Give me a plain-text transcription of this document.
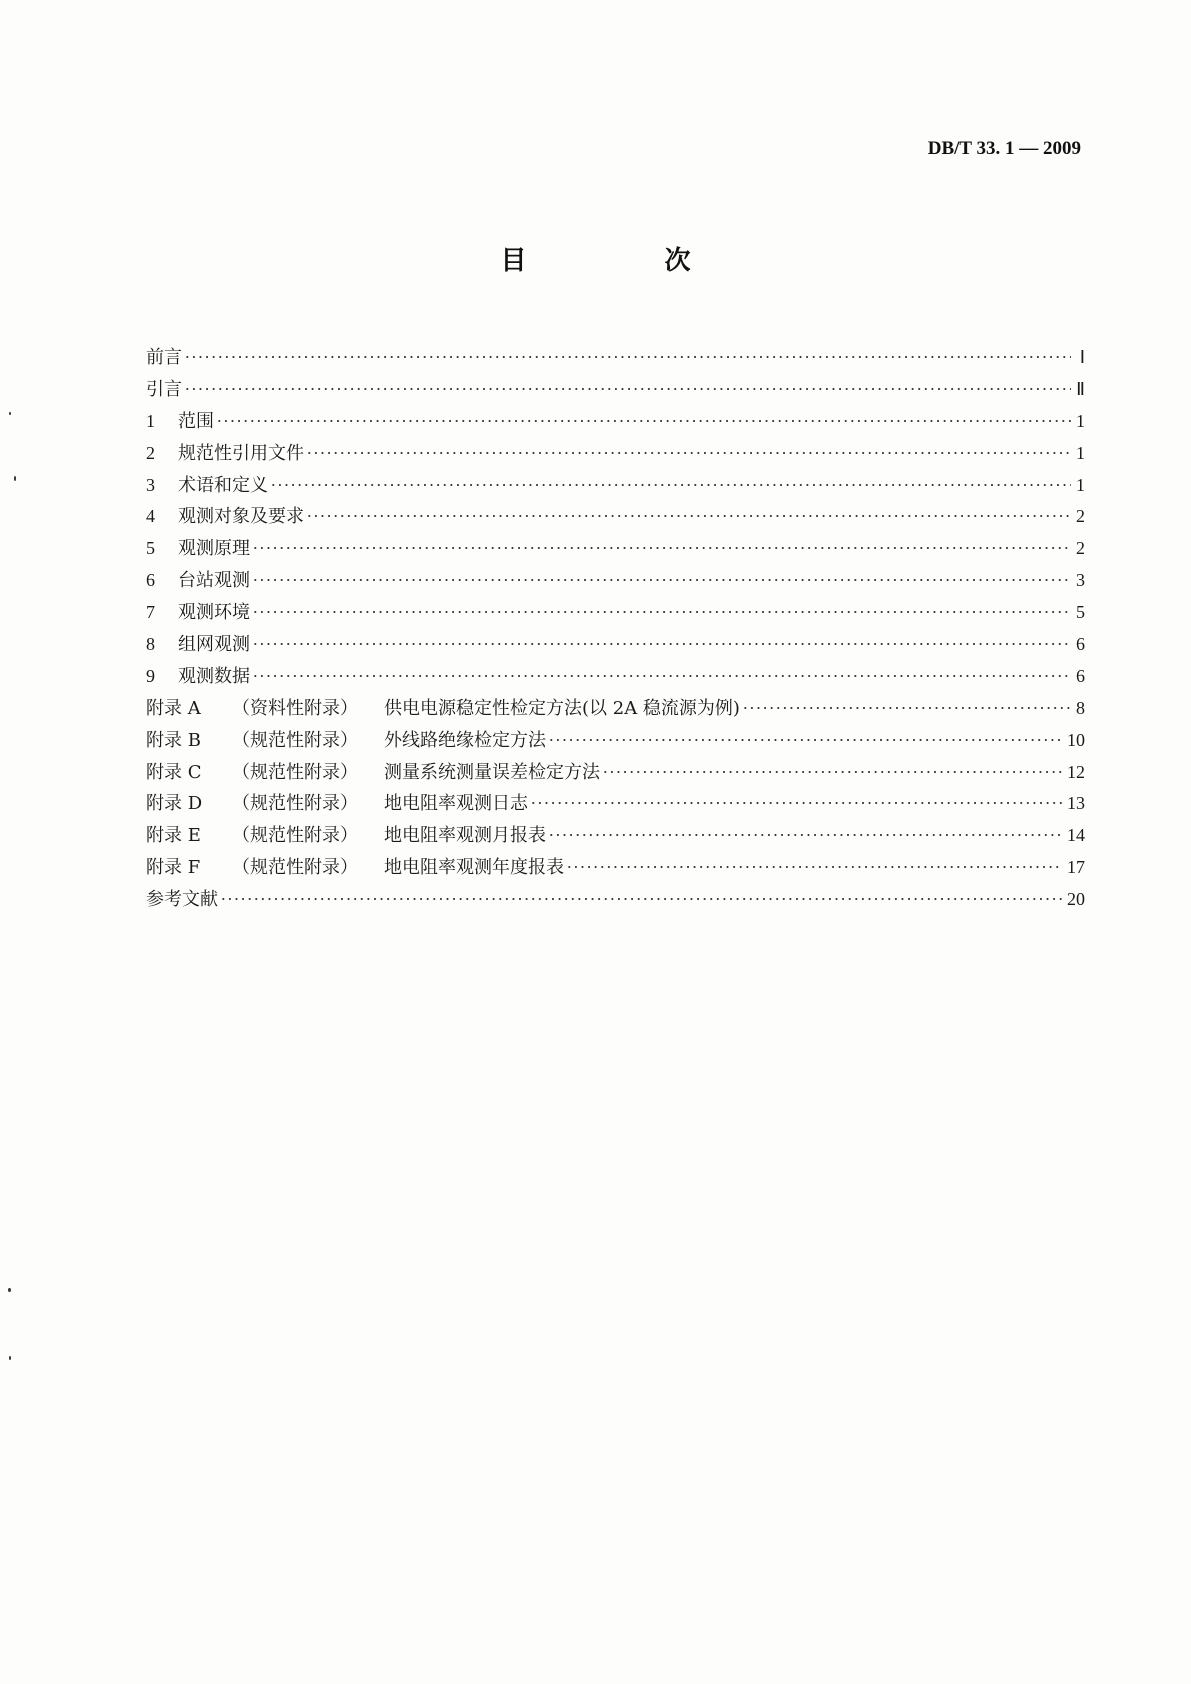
DB/T 33. 1 — 2009
目　次
前言	Ⅰ
引言	Ⅱ
1	范围	1
2	规范性引用文件	1
3	术语和定义	1
4	观测对象及要求	2
5	观测原理	2
6	台站观测	3
7	观测环境	5
8	组网观测	6
9	观测数据	6
附录 A	（资料性附录）	供电电源稳定性检定方法(以 2A 稳流源为例)	8
附录 B	（规范性附录）	外线路绝缘检定方法	10
附录 C	（规范性附录）	测量系统测量误差检定方法	12
附录 D	（规范性附录）	地电阻率观测日志	13
附录 E	（规范性附录）	地电阻率观测月报表	14
附录 F	（规范性附录）	地电阻率观测年度报表	17
参考文献	20
